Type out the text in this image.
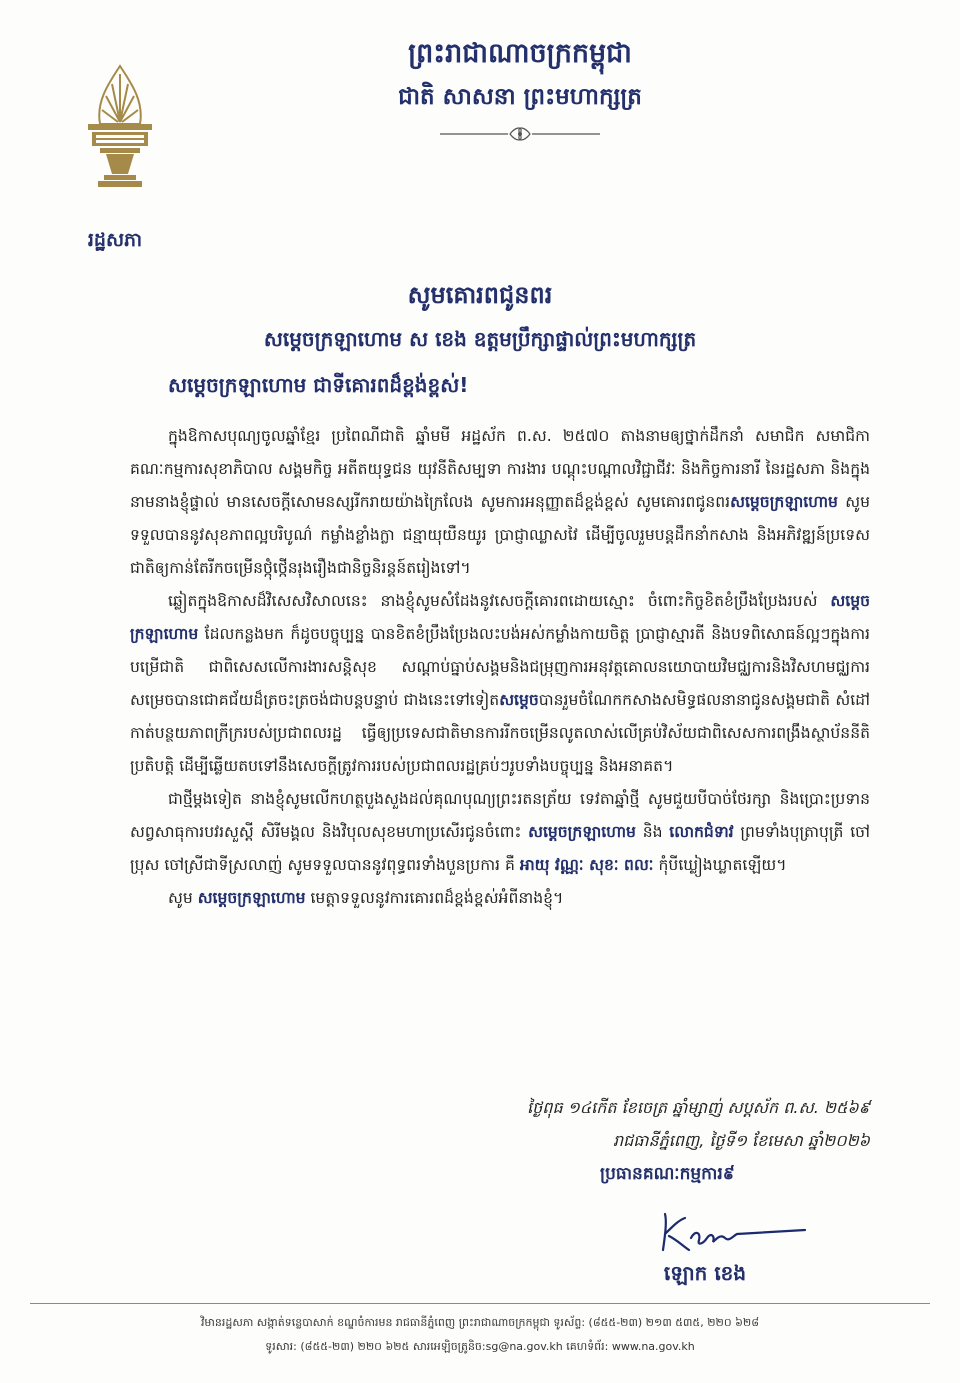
រដ្ឋសភា
ព្រះរាជាណាចក្រកម្ពុជា
ជាតិ សាសនា ព្រះមហាក្សត្រ
សូមគោរពជូនពរ
សម្តេចក្រឡាហោម ស ខេង ឧត្តមប្រឹក្សាផ្ទាល់ព្រះមហាក្សត្រ
សម្តេចក្រឡាហោម ជាទីគោរពដ៏ខ្ពង់ខ្ពស់!

ក្នុងឱកាសបុណ្យចូលឆ្នាំខ្មែរ ប្រពៃណីជាតិ ឆ្នាំមមី អដ្ឋស័ក ព.ស. ២៥៧០ តាងនាមឲ្យថ្នាក់ដឹកនាំ សមាជិក សមាជិកា គណៈកម្មការសុខាភិបាល សង្គមកិច្ច អតីតយុទ្ធជន យុវនីតិសម្បទា ការងារ បណ្តុះបណ្តាលវិជ្ជាជីវៈ និងកិច្ចការនារី នៃរដ្ឋសភា និងក្នុងនាមនាងខ្ញុំផ្ទាល់ មានសេចក្តីសោមនស្សរីករាយយ៉ាងក្រៃលែង សូមការអនុញ្ញាតដ៏ខ្ពង់ខ្ពស់ សូមគោរពជូនពរសម្តេចក្រឡាហោម សូមទទួលបាននូវសុខភាពល្អបរិបូណ៌ កម្លាំងខ្លាំងក្លា ជន្មាយុយឺនយូរ ប្រាជ្ញាឈ្លាសវៃ ដើម្បីចូលរួមបន្តដឹកនាំកសាង និងអភិវឌ្ឍន៍ប្រទេសជាតិឲ្យកាន់តែរីកចម្រើនថ្កុំថ្កើនរុងរឿងជានិច្ចនិរន្តន៍តរៀងទៅ។

ឆ្លៀតក្នុងឱកាសដ៏វិសេសវិសាលនេះ នាងខ្ញុំសូមសំដែងនូវសេចក្តីគោរពដោយស្មោះ ចំពោះកិច្ចខិតខំប្រឹងប្រែងរបស់ សម្តេចក្រឡាហោម ដែលកន្លងមក ក៏ដូចបច្ចុប្បន្ន បានខិតខំប្រឹងប្រែងលះបង់អស់កម្លាំងកាយចិត្ត ប្រាជ្ញាស្មារតី និងបទពិសោធន៍ល្អៗក្នុងការបម្រើជាតិ ជាពិសេសលើការងារសន្តិសុខ សណ្តាប់ធ្នាប់សង្គមនិងជម្រុញការអនុវត្តគោលនយោបាយវិមជ្ឈការនិងវិសហមជ្ឈការសម្រេចបានជោគជ័យដ៏ត្រចះត្រចង់ជាបន្តបន្ទាប់ ជាងនេះទៅទៀតសម្តេចបានរួមចំណែកកសាងសមិទ្ធផលនានាជូនសង្គមជាតិ សំដៅកាត់បន្ថយភាពក្រីក្ររបស់ប្រជាពលរដ្ឋ ធ្វើឲ្យប្រទេសជាតិមានការរីកចម្រើនលូតលាស់លើគ្រប់វិស័យជាពិសេសការពង្រឹងស្ថាប័ននីតិប្រតិបត្តិ ដើម្បីឆ្លើយតបទៅនឹងសេចក្តីត្រូវការរបស់ប្រជាពលរដ្ឋគ្រប់ៗរូបទាំងបច្ចុប្បន្ន និងអនាគត។

ជាថ្មីម្តងទៀត នាងខ្ញុំសូមលើកហត្ថបួងសួងដល់គុណបុណ្យព្រះរតនត្រ័យ ទេវតាឆ្នាំថ្មី សូមជួយបីបាច់ថែរក្សា និងប្រោះប្រទានសព្វសាធុការបវរសួស្តី សិរីមង្គល និងវិបុលសុខមហាប្រសើរជូនចំពោះ សម្តេចក្រឡាហោម និង លោកជំទាវ ព្រមទាំងបុត្រាបុត្រី ចៅប្រុស ចៅស្រីជាទីស្រលាញ់ សូមទទួលបាននូវពុទ្ធពរទាំងបួនប្រការ គឺ អាយុ វណ្ណៈ សុខៈ ពលៈ កុំបីឃ្លៀងឃ្លាតឡើយ។

សូម សម្តេចក្រឡាហោម មេត្តាទទួលនូវការគោរពដ៏ខ្ពង់ខ្ពស់អំពីនាងខ្ញុំ។

ថ្ងៃពុធ ១៤កើត ខែចេត្រ ឆ្នាំម្សាញ់ សប្តស័ក ព.ស. ២៥៦៩
រាជធានីភ្នំពេញ, ថ្ងៃទី១ ខែមេសា ឆ្នាំ២០២៦
ប្រធានគណៈកម្មការ៩
ឡោក ខេង
វិមានរដ្ឋសភា សង្កាត់ទន្លេបាសាក់ ខណ្ឌចំការមន រាជធានីភ្នំពេញ ព្រះរាជាណាចក្រកម្ពុជា ទូរស័ព្ទ: (៨៥៥-២៣) ២១៣ ៥៣៥, ២២០ ៦២៨
ទូរសារ: (៨៥៥-២៣) ២២០ ៦២៥ សារអេឡិចត្រូនិច:sg@na.gov.kh គេហទំព័រ: www.na.gov.kh
